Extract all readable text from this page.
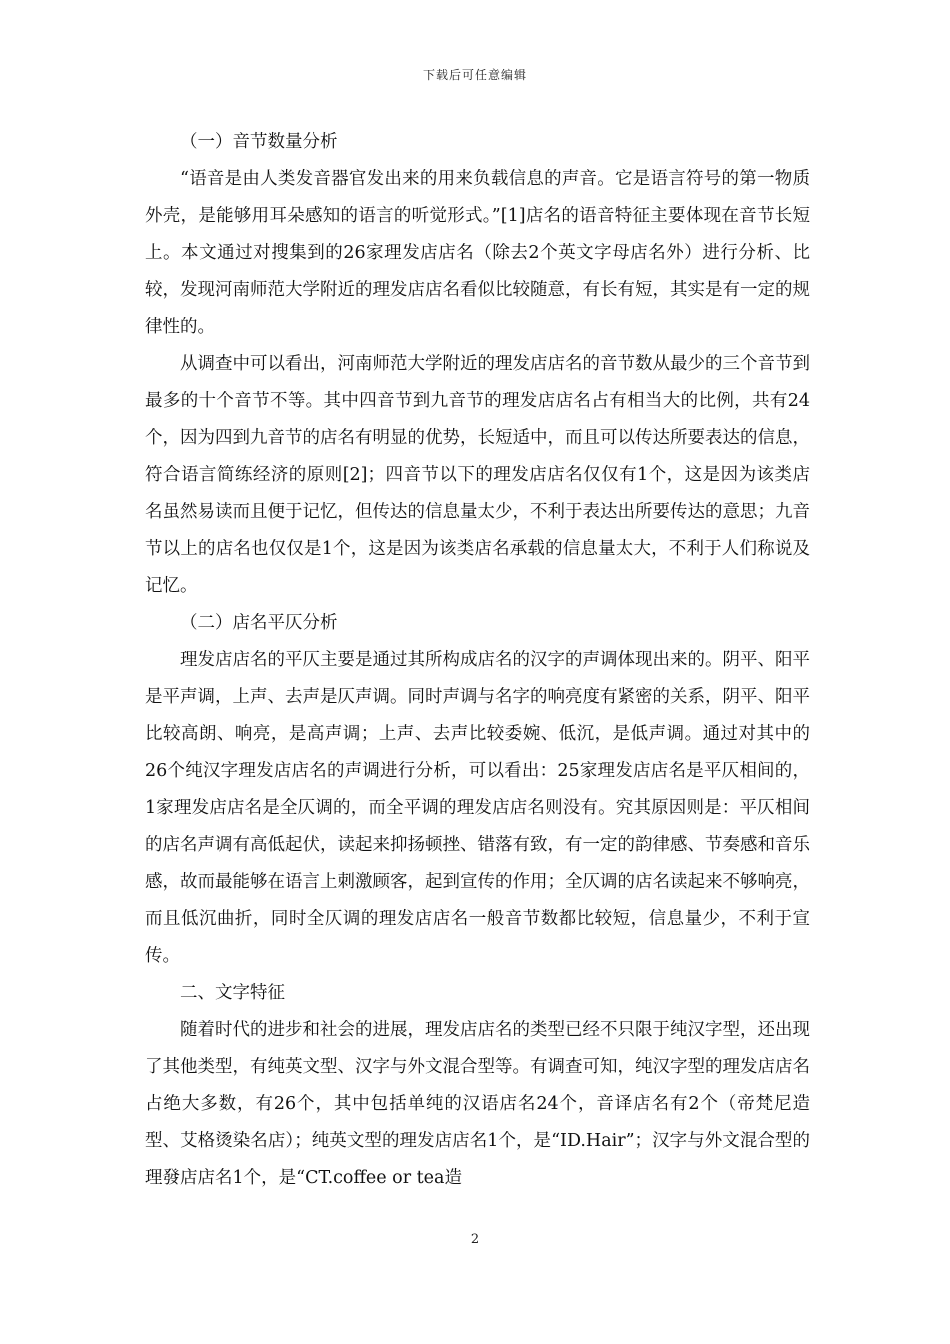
下载后可任意编辑

（一）音节数量分析

“语音是由人类发音器官发出来的用来负载信息的声音。它是语言符号的第一物质外壳，是能够用耳朵感知的语言的听觉形式。”[1]店名的语音特征主要体现在音节长短上。本文通过对搜集到的26家理发店店名（除去2个英文字母店名外）进行分析、比较，发现河南师范大学附近的理发店店名看似比较随意，有长有短，其实是有一定的规律性的。

从调查中可以看出，河南师范大学附近的理发店店名的音节数从最少的三个音节到最多的十个音节不等。其中四音节到九音节的理发店店名占有相当大的比例，共有24个，因为四到九音节的店名有明显的优势，长短适中，而且可以传达所要表达的信息，符合语言简练经济的原则[2]；四音节以下的理发店店名仅仅有1个，这是因为该类店名虽然易读而且便于记忆，但传达的信息量太少，不利于表达出所要传达的意思；九音节以上的店名也仅仅是1个，这是因为该类店名承载的信息量太大，不利于人们称说及记忆。

（二）店名平仄分析

理发店店名的平仄主要是通过其所构成店名的汉字的声调体现出来的。阴平、阳平是平声调，上声、去声是仄声调。同时声调与名字的响亮度有紧密的关系，阴平、阳平比较高朗、响亮，是高声调；上声、去声比较委婉、低沉，是低声调。通过对其中的26个纯汉字理发店店名的声调进行分析，可以看出：25家理发店店名是平仄相间的，1家理发店店名是全仄调的，而全平调的理发店店名则没有。究其原因则是：平仄相间的店名声调有高低起伏，读起来抑扬顿挫、错落有致，有一定的韵律感、节奏感和音乐感，故而最能够在语言上刺激顾客，起到宣传的作用；全仄调的店名读起来不够响亮，而且低沉曲折，同时全仄调的理发店店名一般音节数都比较短，信息量少，不利于宣传。

二、文字特征

随着时代的进步和社会的进展，理发店店名的类型已经不只限于纯汉字型，还出现了其他类型，有纯英文型、汉字与外文混合型等。有调查可知，纯汉字型的理发店店名占绝大多数，有26个，其中包括单纯的汉语店名24个，音译店名有2个（帝梵尼造型、艾格烫染名店）；纯英文型的理发店店名1个，是“ID.Hair”；汉字与外文混合型的理發店店名1个，是“CT.coffee or tea造

2
